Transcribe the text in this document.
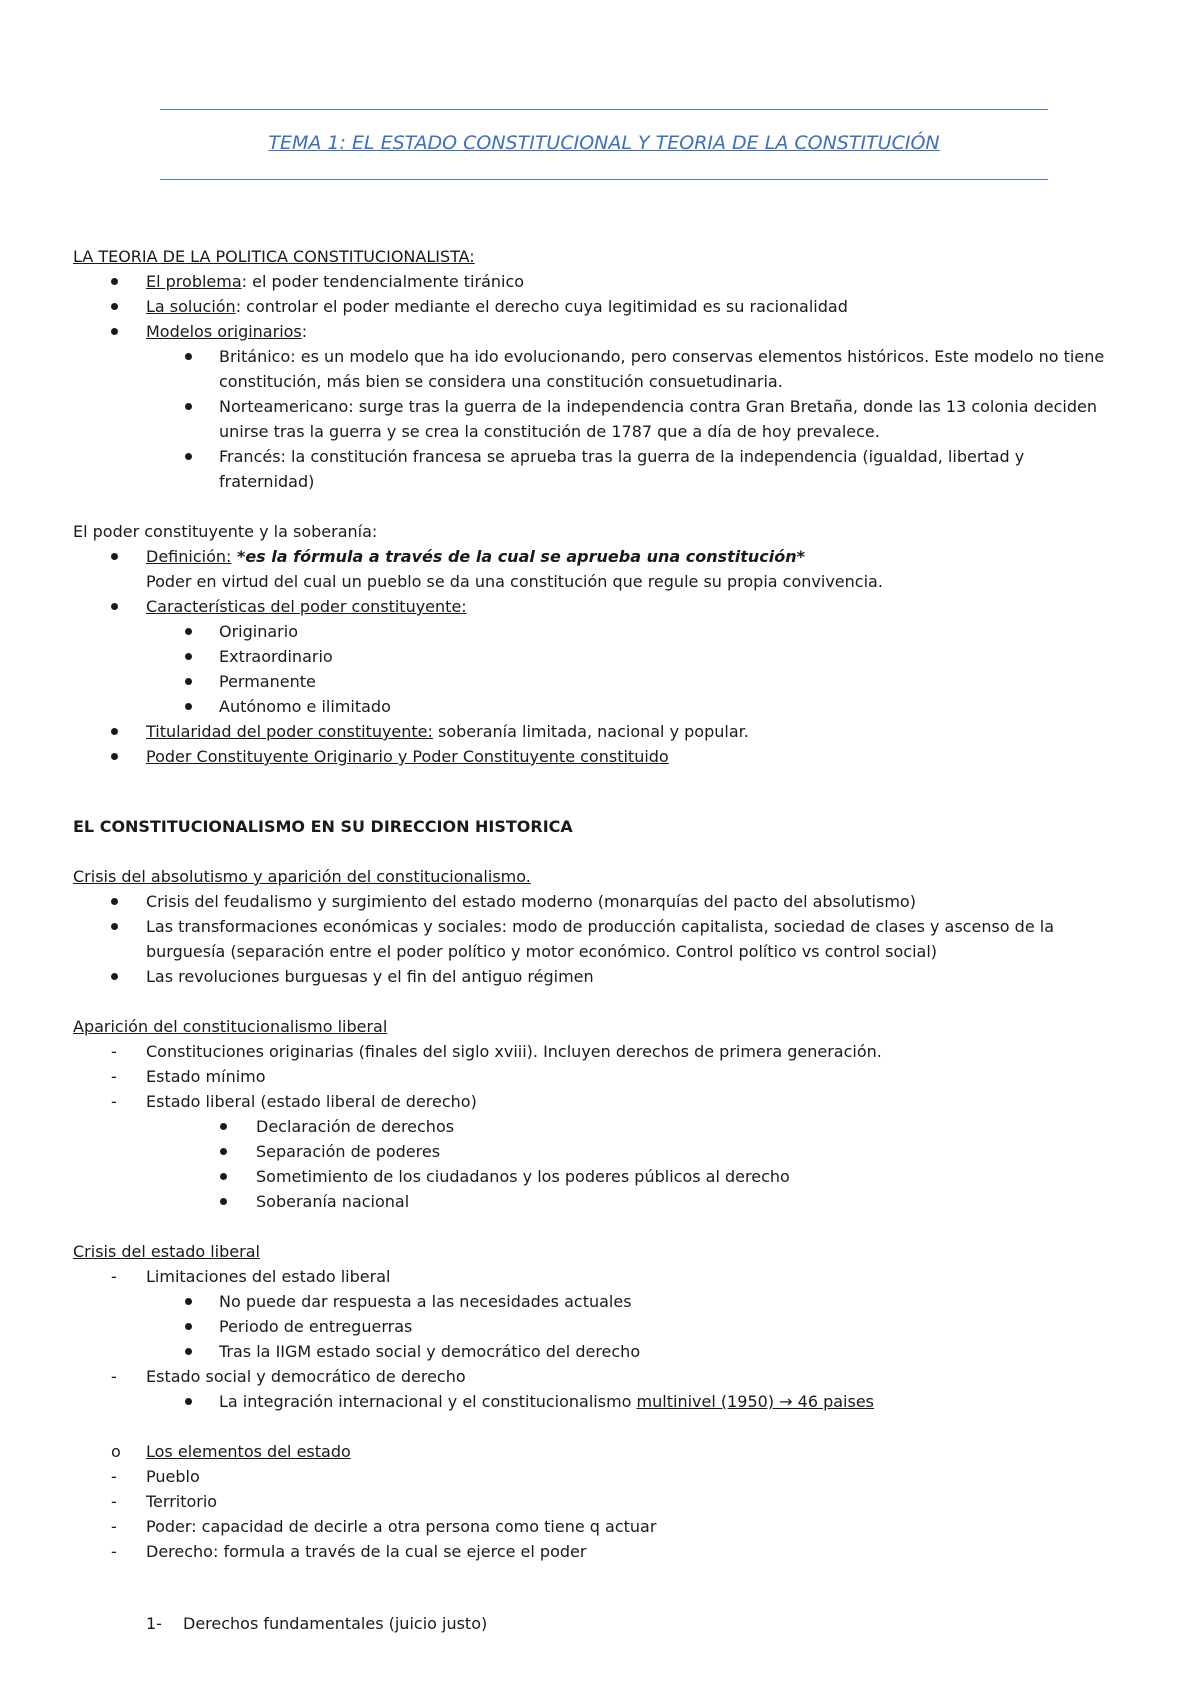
TEMA 1: EL ESTADO CONSTITUCIONAL Y TEORIA DE LA CONSTITUCIÓN
LA TEORIA DE LA POLITICA CONSTITUCIONALISTA:
El problema: el poder tendencialmente tiránico
La solución: controlar el poder mediante el derecho cuya legitimidad es su racionalidad
Modelos originarios:
Británico: es un modelo que ha ido evolucionando, pero conservas elementos históricos. Este modelo no tiene
constitución, más bien se considera una constitución consuetudinaria.
Norteamericano: surge tras la guerra de la independencia contra Gran Bretaña, donde las 13 colonia deciden
unirse tras la guerra y se crea la constitución de 1787 que a día de hoy prevalece.
Francés: la constitución francesa se aprueba tras la guerra de la independencia (igualdad, libertad y
fraternidad)
El poder constituyente y la soberanía:
Definición: *es la fórmula a través de la cual se aprueba una constitución*
Poder en virtud del cual un pueblo se da una constitución que regule su propia convivencia.
Características del poder constituyente:
Originario
Extraordinario
Permanente
Autónomo e ilimitado
Titularidad del poder constituyente: soberanía limitada, nacional y popular.
Poder Constituyente Originario y Poder Constituyente constituido
EL CONSTITUCIONALISMO EN SU DIRECCION HISTORICA
Crisis del absolutismo y aparición del constitucionalismo.
Crisis del feudalismo y surgimiento del estado moderno (monarquías del pacto del absolutismo)
Las transformaciones económicas y sociales: modo de producción capitalista, sociedad de clases y ascenso de la
burguesía (separación entre el poder político y motor económico. Control político vs control social)
Las revoluciones burguesas y el fin del antiguo régimen
Aparición del constitucionalismo liberal
- Constituciones originarias (finales del siglo xviii). Incluyen derechos de primera generación.
- Estado mínimo
- Estado liberal (estado liberal de derecho)
Declaración de derechos
Separación de poderes
Sometimiento de los ciudadanos y los poderes públicos al derecho
Soberanía nacional
Crisis del estado liberal
- Limitaciones del estado liberal
No puede dar respuesta a las necesidades actuales
Periodo de entreguerras
Tras la IIGM estado social y democrático del derecho
- Estado social y democrático de derecho
La integración internacional y el constitucionalismo multinivel (1950) → 46 paises
o Los elementos del estado
- Pueblo
- Territorio
- Poder: capacidad de decirle a otra persona como tiene q actuar
- Derecho: formula a través de la cual se ejerce el poder
1- Derechos fundamentales (juicio justo)
